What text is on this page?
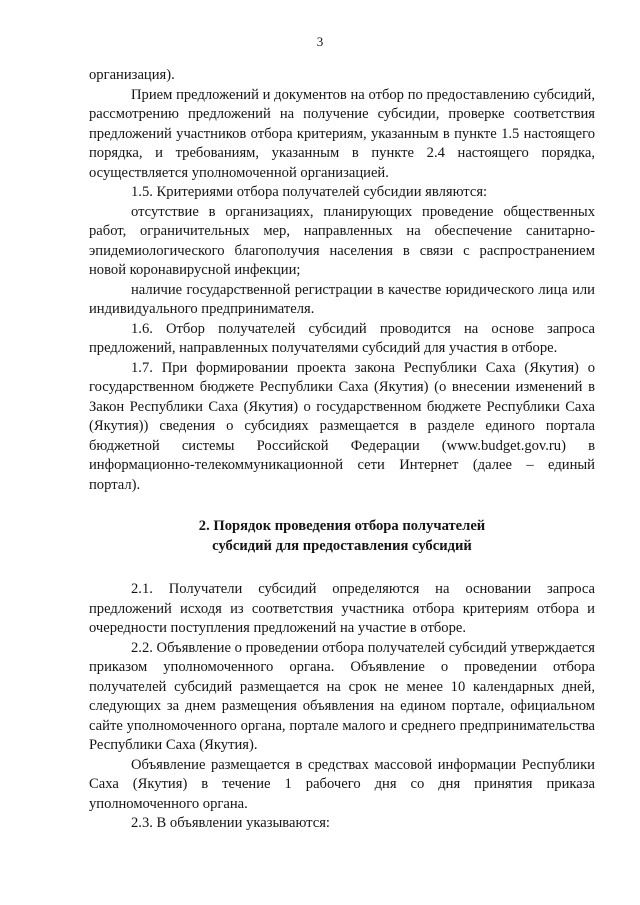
3

организация).

Прием предложений и документов на отбор по предоставлению субсидий, рассмотрению предложений на получение субсидии, проверке соответствия предложений участников отбора критериям, указанным в пункте 1.5 настоящего порядка, и требованиям, указанным в пункте 2.4 настоящего порядка, осуществляется уполномоченной организацией.

1.5. Критериями отбора получателей субсидии являются:

отсутствие в организациях, планирующих проведение общественных работ, ограничительных мер, направленных на обеспечение санитарно-эпидемиологического благополучия населения в связи с распространением новой коронавирусной инфекции;

наличие государственной регистрации в качестве юридического лица или индивидуального предпринимателя.

1.6. Отбор получателей субсидий проводится на основе запроса предложений, направленных получателями субсидий для участия в отборе.

1.7. При формировании проекта закона Республики Саха (Якутия) о государственном бюджете Республики Саха (Якутия) (о внесении изменений в Закон Республики Саха (Якутия) о государственном бюджете Республики Саха (Якутия)) сведения о субсидиях размещается в разделе единого портала бюджетной системы Российской Федерации (www.budget.gov.ru) в информационно-телекоммуникационной сети Интернет (далее – единый портал).

2. Порядок проведения отбора получателей
субсидий для предоставления субсидий

2.1. Получатели субсидий определяются на основании запроса предложений исходя из соответствия участника отбора критериям отбора и очередности поступления предложений на участие в отборе.

2.2. Объявление о проведении отбора получателей субсидий утверждается приказом уполномоченного органа. Объявление о проведении отбора получателей субсидий размещается на срок не менее 10 календарных дней, следующих за днем размещения объявления на едином портале, официальном сайте уполномоченного органа, портале малого и среднего предпринимательства Республики Саха (Якутия).

Объявление размещается в средствах массовой информации Республики Саха (Якутия) в течение 1 рабочего дня со дня принятия приказа уполномоченного органа.

2.3. В объявлении указываются:
